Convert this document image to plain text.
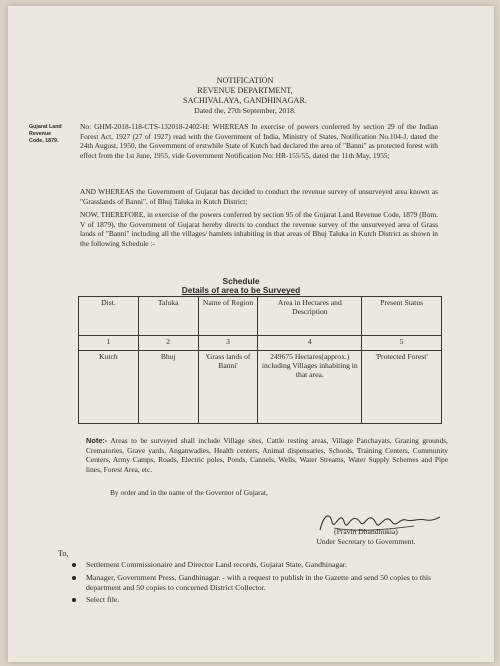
NOTIFICATION
REVENUE DEPARTMENT,
SACHIVALAYA, GANDHINAGAR.
Dated the, 27th September, 2018.
Gujarat Land
Revenue
Code, 1879.
No: GHM-2018-118-CTS-132018-2402-H: WHEREAS In exercise of powers conferred by section 29 of the Indian Forest Act, 1927 (27 of 1927) read with the Government of India, Ministry of States, Notification No.104-J, dated the 24th August, 1950, the Government of erstwhile State of Kutch had declared the area of "Banni" as protected forest with effect from the 1st June, 1955, vide Government Notification No: HR-155/55, dated the 11th May, 1955;
AND WHEREAS the Government of Gujarat has decided to conduct the revenue survey of unsurveyed area known as "Grasslands of Banni", of Bhuj Taluka in Kutch District;
NOW, THEREFORE, in exercise of the powers conferred by section 95 of the Gujarat Land Revenue Code, 1879 (Bom. V of 1879), the Government of Gujarat hereby directs to conduct the revenue survey of the unsurveyed area of Grass lands of "Banni" including all the villages/ hamlets inhabiting in that areas of Bhuj Taluka in Kutch District as shown in the following Schedule :-
Schedule
Details of area to be Surveyed
Dist.	Taluka	Name of Region	Area in Hectares and Description	Present Status
1	2	3	4	5
Kutch	Bhuj	'Grass lands of Banni'	249675 Hectares(approx.) including Villages inhabiting in that area.	'Protected Forest'
Note:- Areas to be surveyed shall include Village sites, Cattle resting areas, Village Panchayats, Grazing grounds, Crematories, Grave yards, Anganwadies, Health centers, Animal dispensaries, Schools, Training Centers, Community Centers, Army Camps, Roads, Electric poles, Ponds, Cannels, Wells, Water Streams, Water Supply Schemes and Pipe lines, Forest Area, etc.
By order and in the name of the Governor of Gujarat,
(Pravin Dhandhukia)
Under Secretary to Government.
To,
Settlement Commissionaire and Director Land records, Gujarat State, Gandhinagar.
Manager, Government Press, Gandhinagar. - with a request to publish in the Gazette and send 50 copies to this department and 50 copies to concerned District Collector.
Select file.
